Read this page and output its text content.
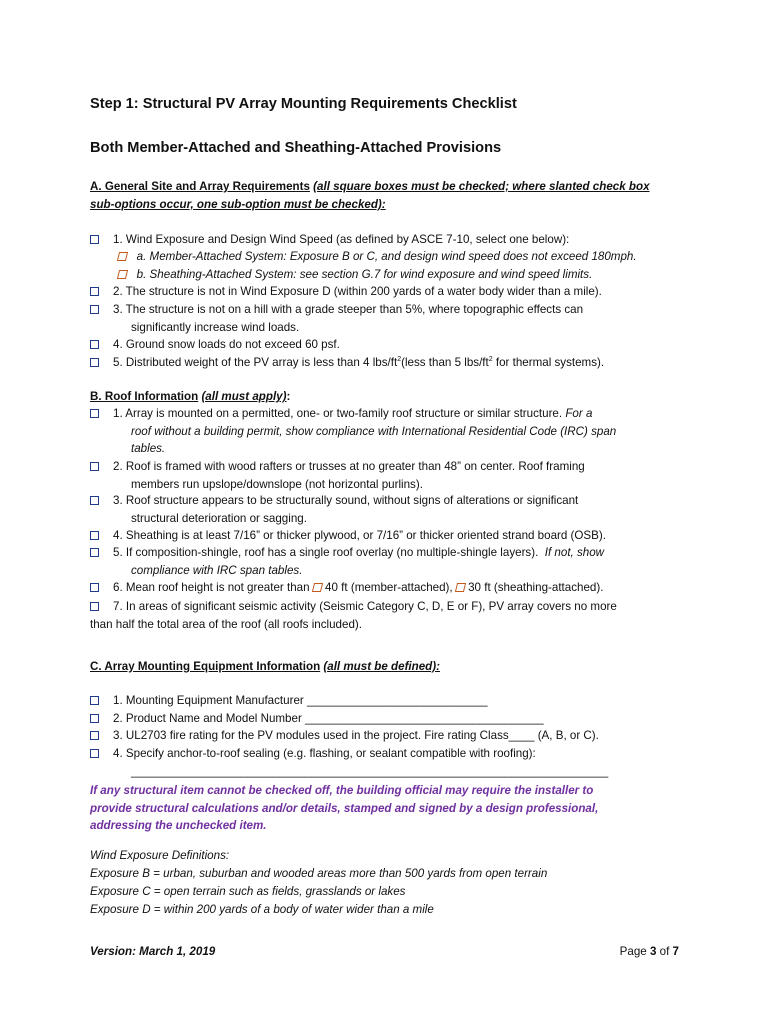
Step 1: Structural PV Array Mounting Requirements Checklist
Both Member-Attached and Sheathing-Attached Provisions
A. General Site and Array Requirements (all square boxes must be checked; where slanted check box
sub-options occur, one sub-option must be checked):
1. Wind Exposure and Design Wind Speed (as defined by ASCE 7-10, select one below):
a. Member-Attached System: Exposure B or C, and design wind speed does not exceed 180mph.
b. Sheathing-Attached System: see section G.7 for wind exposure and wind speed limits.
2. The structure is not in Wind Exposure D (within 200 yards of a water body wider than a mile).
3. The structure is not on a hill with a grade steeper than 5%, where topographic effects can
significantly increase wind loads.
4. Ground snow loads do not exceed 60 psf.
5. Distributed weight of the PV array is less than 4 lbs/$ft^2(less$ than 5 lbs/$ft^2$ for thermal systems).
B. Roof Information (all must apply):
1. Array is mounted on a permitted, one- or two-family roof structure or similar structure. For a
roof without a building permit, show compliance with International Residential Code (IRC) span
tables.
2. Roof is framed with wood rafters or trusses at no greater than 48” on center. Roof framing
members run upslope/downslope (not horizontal purlins).
3. Roof structure appears to be structurally sound, without signs of alterations or significant
structural deterioration or sagging.
4. Sheathing is at least 7/16” or thicker plywood, or 7/16” or thicker oriented strand board (OSB).
5. If composition-shingle, roof has a single roof overlay (no multiple-shingle layers). If not, show
compliance with IRC span tables.
6. Mean roof height is not greater than 40 ft (member-attached), 30 ft (sheathing-attached).
7. In areas of significant seismic activity (Seismic Category C, D, E or F), PV array covers no more
than half the total area of the roof (all roofs included).
C. Array Mounting Equipment Information (all must be defined):
1. Mounting Equipment Manufacturer ____________________________
2. Product Name and Model Number _____________________________________
3. UL2703 fire rating for the PV modules used in the project. Fire rating Class____ (A, B, or C).
4. Specify anchor-to-roof sealing (e.g. flashing, or sealant compatible with roofing):
__________________________________________________________________________
If any structural item cannot be checked off, the building official may require the installer to
provide structural calculations and/or details, stamped and signed by a design professional,
addressing the unchecked item.
Wind Exposure Definitions:
Exposure B = urban, suburban and wooded areas more than 500 yards from open terrain
Exposure C = open terrain such as fields, grasslands or lakes
Exposure D = within 200 yards of a body of water wider than a mile
Version: March 1, 2019	Page 3 of 7
